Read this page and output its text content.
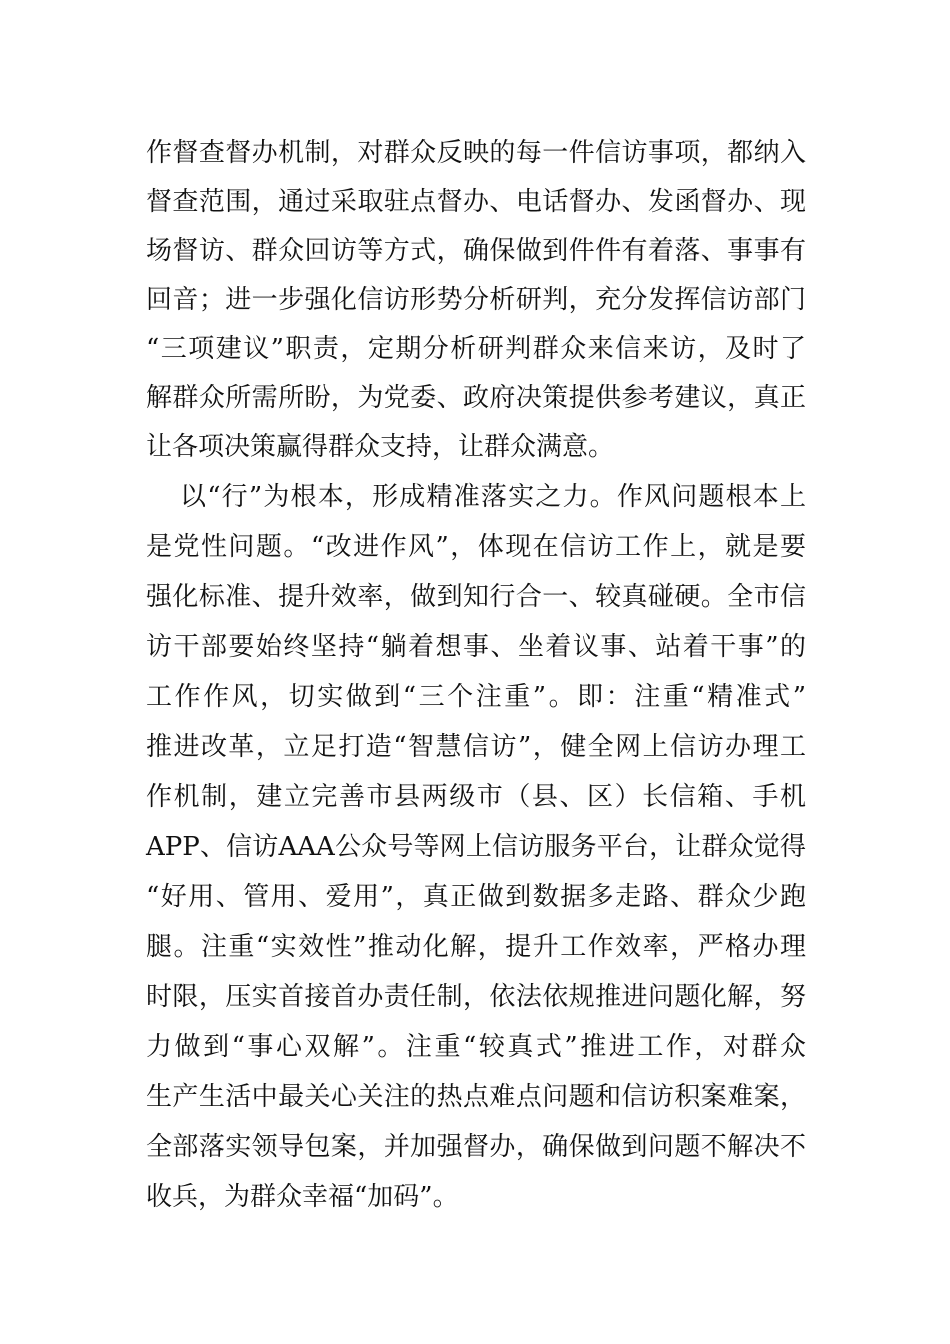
作督查督办机制，对群众反映的每一件信访事项，都纳入
督查范围，通过采取驻点督办、电话督办、发函督办、现
场督访、群众回访等方式，确保做到件件有着落、事事有
回音；进一步强化信访形势分析研判，充分发挥信访部门
“三项建议”职责，定期分析研判群众来信来访，及时了
解群众所需所盼，为党委、政府决策提供参考建议，真正
让各项决策赢得群众支持，让群众满意。
以“行”为根本，形成精准落实之力。作风问题根本上
是党性问题。“改进作风”，体现在信访工作上，就是要
强化标准、提升效率，做到知行合一、较真碰硬。全市信
访干部要始终坚持“躺着想事、坐着议事、站着干事”的
工作作风，切实做到“三个注重”。即：注重“精准式”
推进改革，立足打造“智慧信访”，健全网上信访办理工
作机制，建立完善市县两级市（县、区）长信箱、手机
APP、信访AAA公众号等网上信访服务平台，让群众觉得
“好用、管用、爱用”，真正做到数据多走路、群众少跑
腿。注重“实效性”推动化解，提升工作效率，严格办理
时限，压实首接首办责任制，依法依规推进问题化解，努
力做到“事心双解”。注重“较真式”推进工作，对群众
生产生活中最关心关注的热点难点问题和信访积案难案，
全部落实领导包案，并加强督办，确保做到问题不解决不
收兵，为群众幸福“加码”。
